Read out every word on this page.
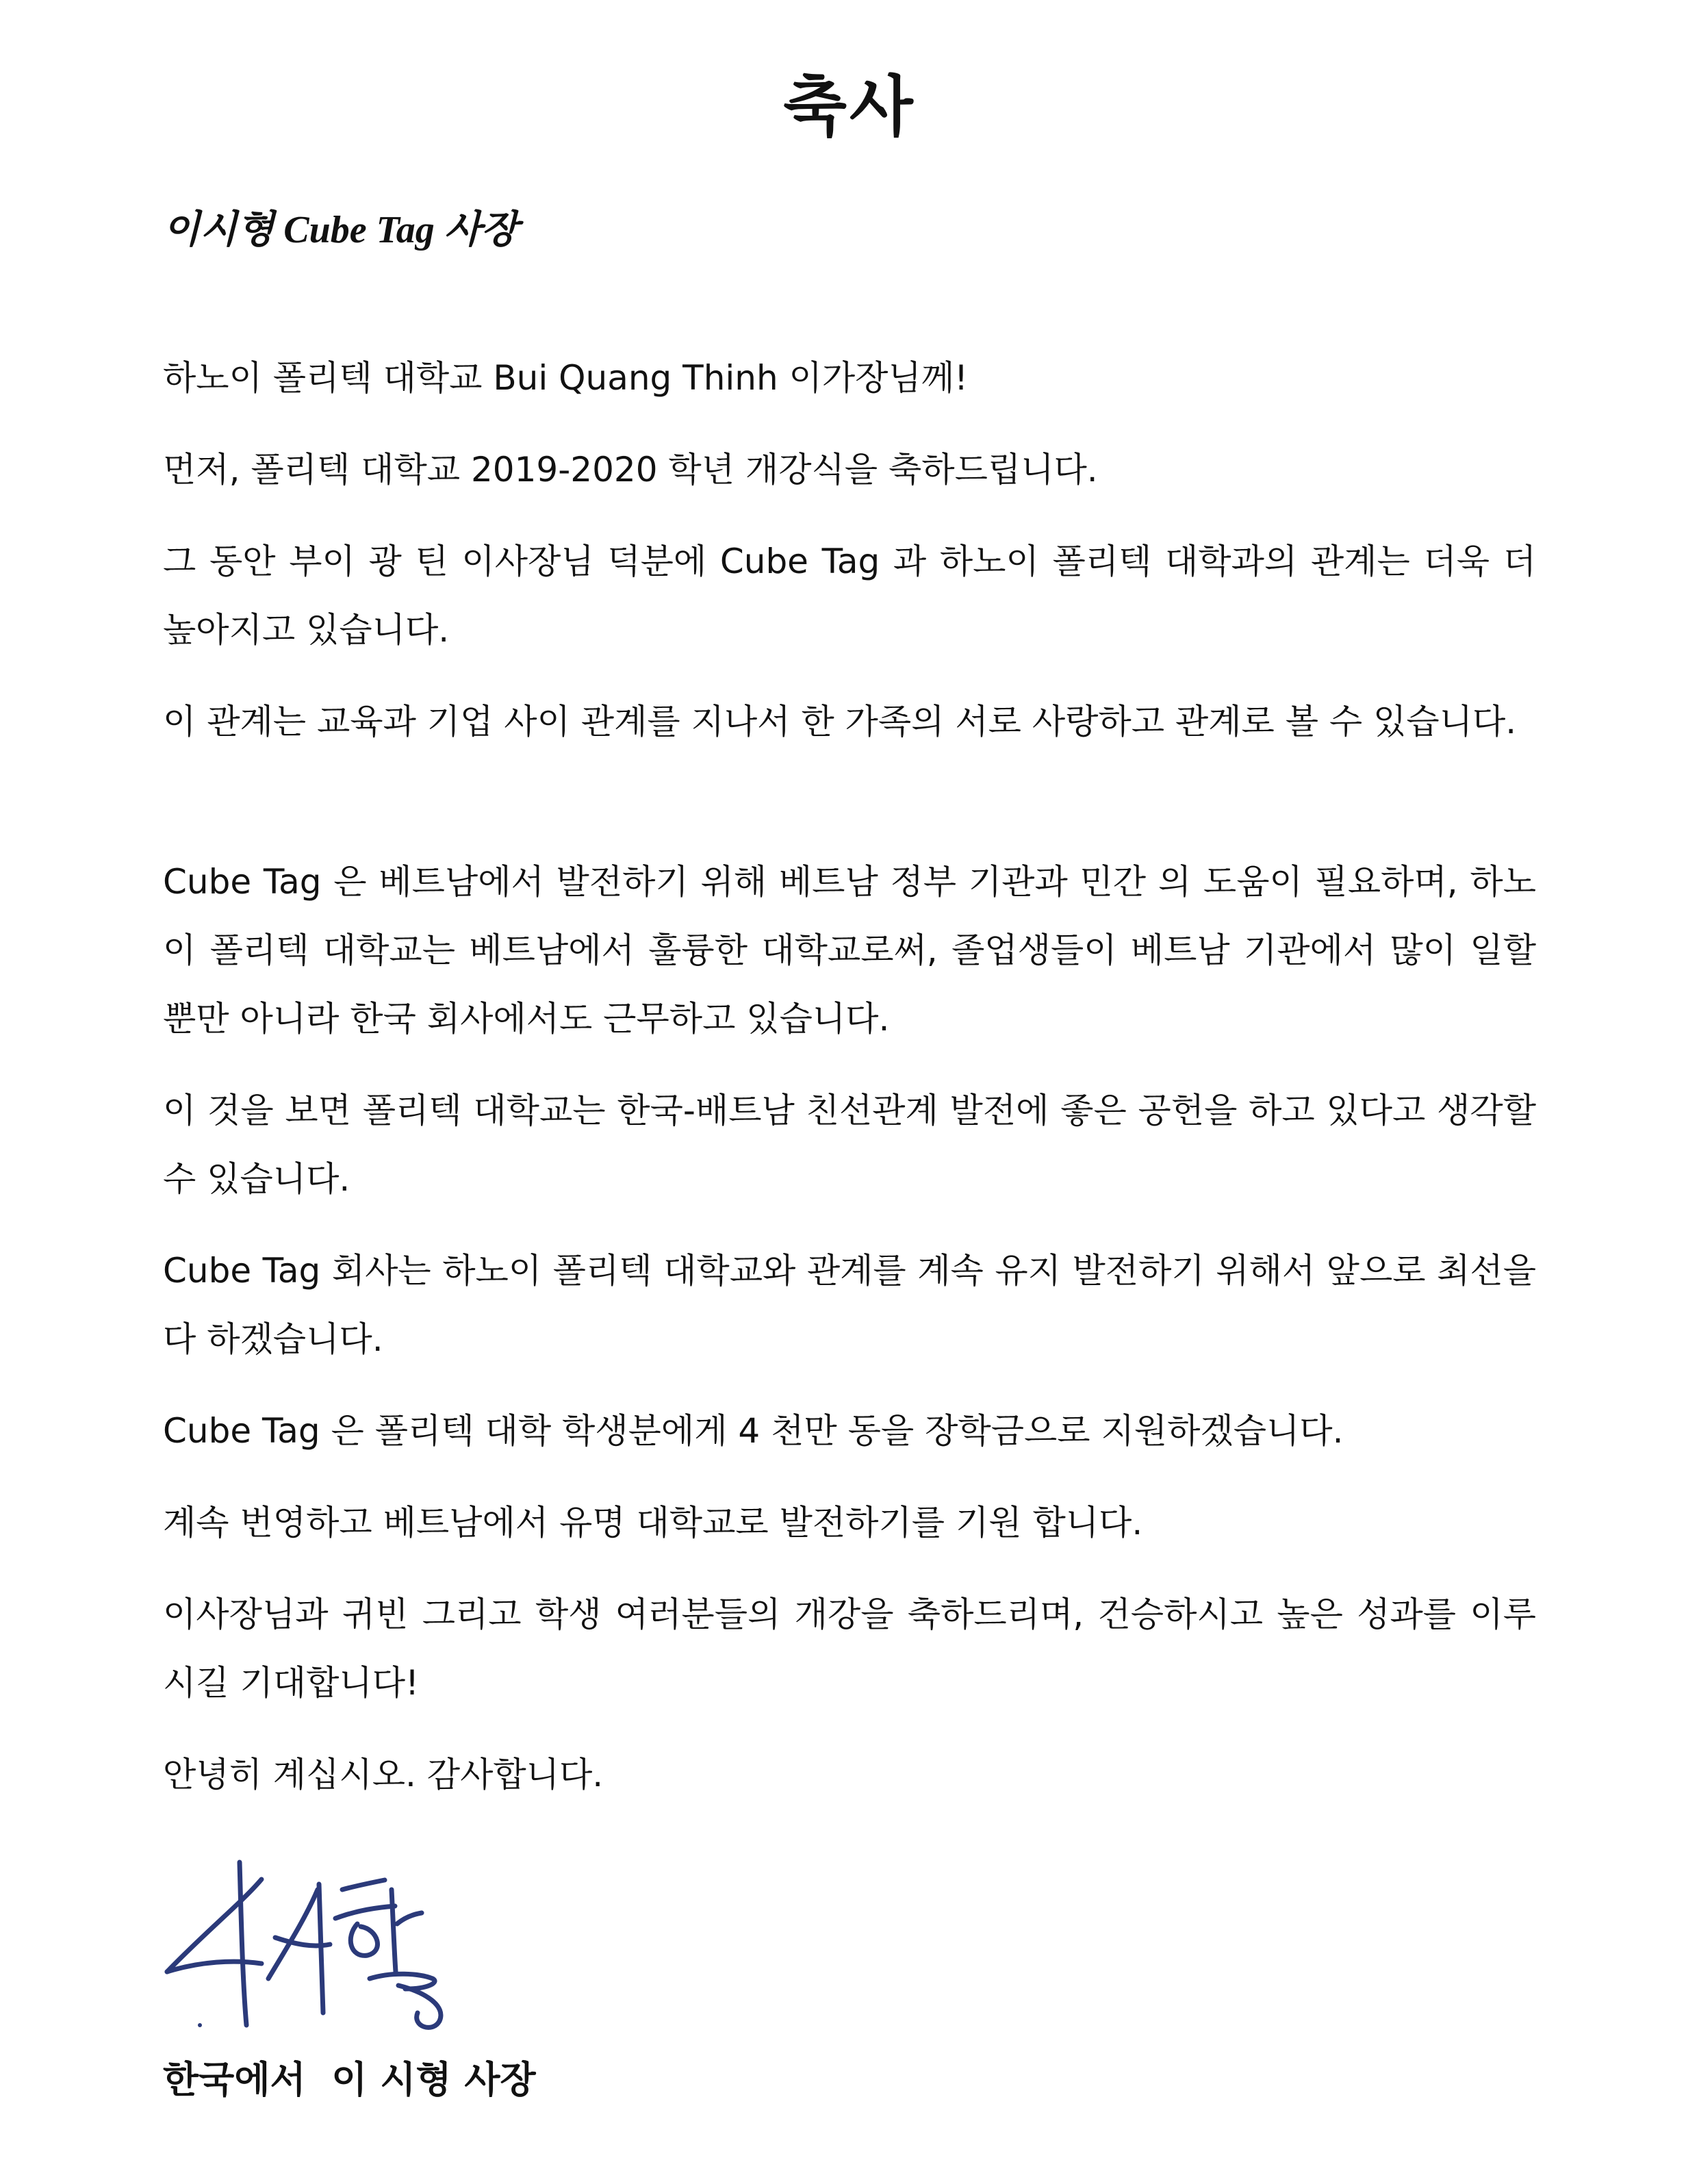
축사
이시형 Cube Tag 사장

하노이 폴리텍 대학교 Bui Quang Thinh 이가장님께!

먼저, 폴리텍 대학교 2019-2020 학년 개강식을 축하드립니다.

그 동안 부이 광 틴 이사장님 덕분에 Cube Tag 과 하노이 폴리텍 대학과의 관계는 더욱 더 높아지고 있습니다.

이 관계는 교육과 기업 사이 관계를 지나서 한 가족의 서로 사랑하고 관계로 볼 수 있습니다.

Cube Tag 은 베트남에서 발전하기 위해 베트남 정부 기관과 민간 의 도움이 필요하며, 하노이 폴리텍 대학교는 베트남에서 훌륭한 대학교로써, 졸업생들이 베트남 기관에서 많이 일할 뿐만 아니라 한국 회사에서도 근무하고 있습니다.

이 것을 보면 폴리텍 대학교는 한국-배트남 친선관계 발전에 좋은 공헌을 하고 있다고 생각할 수 있습니다.

Cube Tag 회사는 하노이 폴리텍 대학교와 관계를 계속 유지 발전하기 위해서 앞으로 최선을 다 하겠습니다.

Cube Tag 은 폴리텍 대학 학생분에게 4 천만 동을 장학금으로 지원하겠습니다.

계속 번영하고 베트남에서 유명 대학교로 발전하기를 기원 합니다.

이사장님과 귀빈 그리고 학생 여러분들의 개강을 축하드리며, 건승하시고 높은 성과를 이루시길 기대합니다!

안녕히 계십시오. 감사합니다.

한국에서  이 시형 사장
